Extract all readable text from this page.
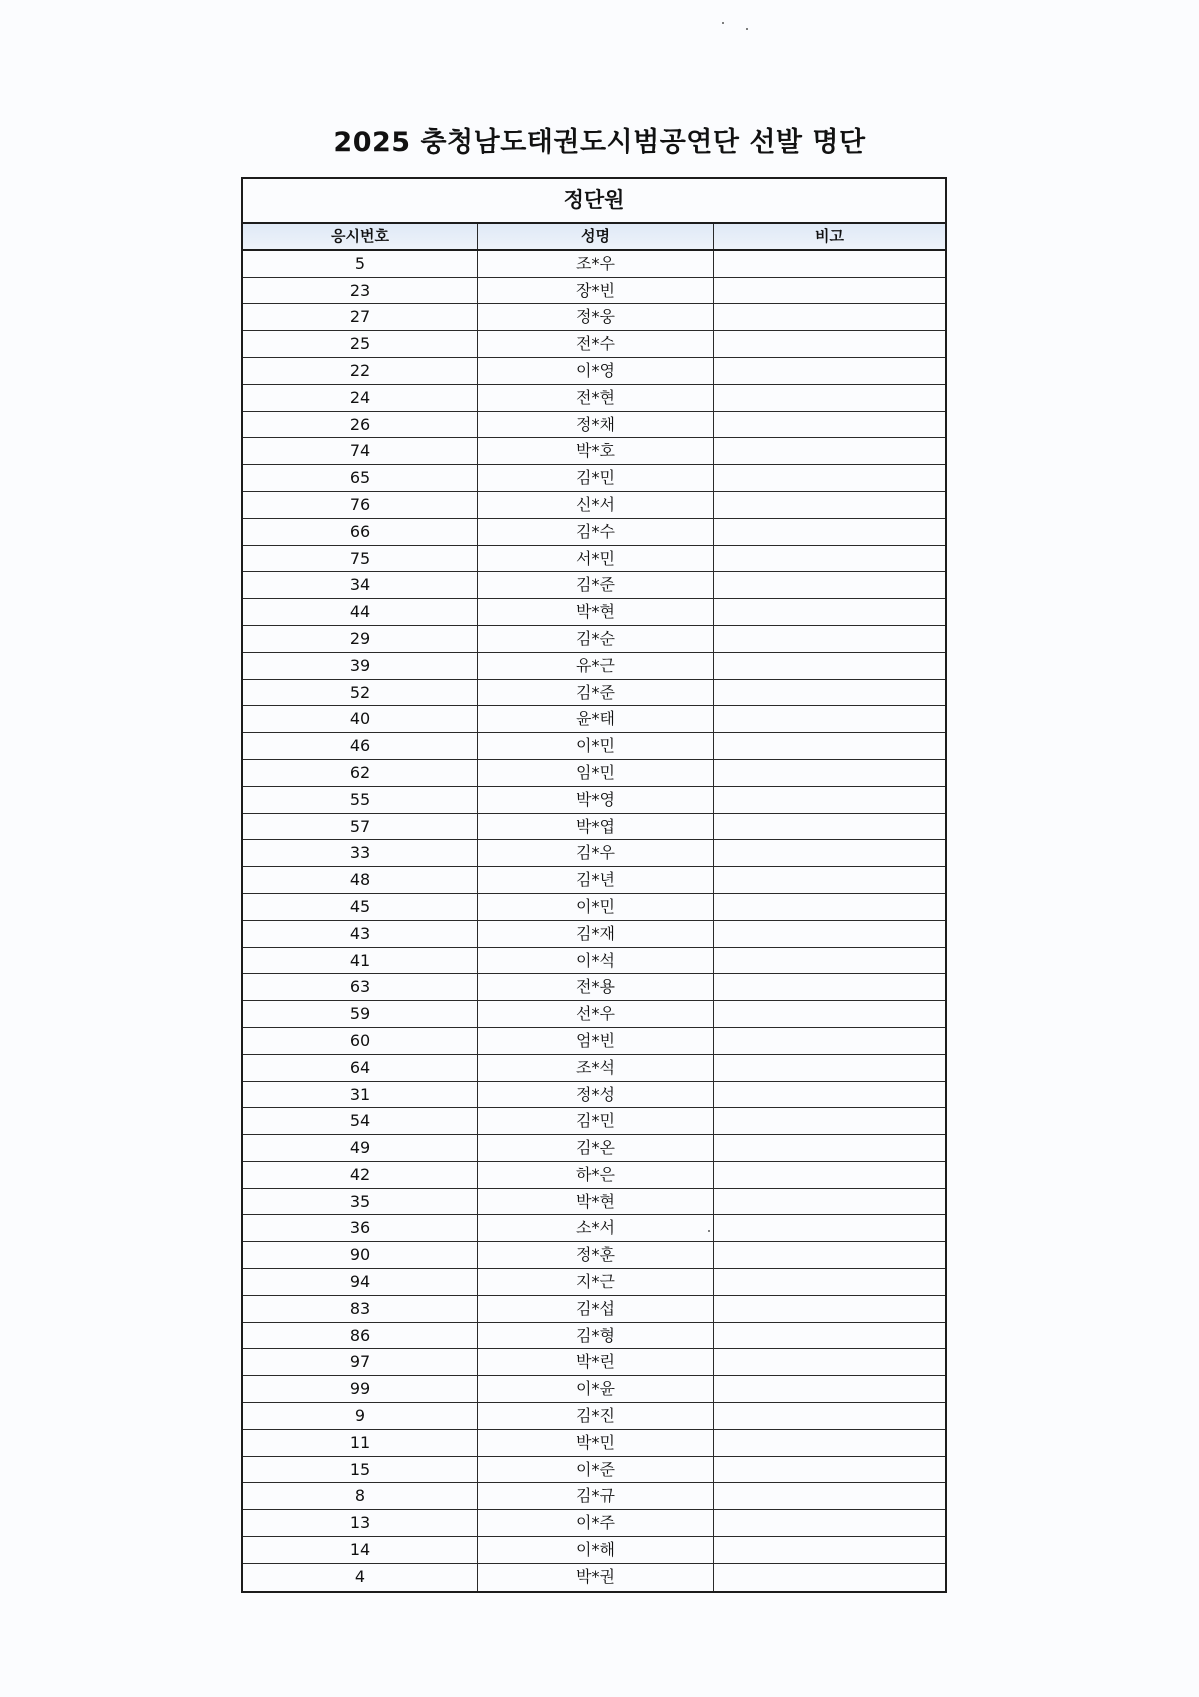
2025 충청남도태권도시범공연단 선발 명단
정단원
응시번호	성명	비고
5	조*우
23	장*빈
27	정*웅
25	전*수
22	이*영
24	전*현
26	정*채
74	박*호
65	김*민
76	신*서
66	김*수
75	서*민
34	김*준
44	박*현
29	김*순
39	유*근
52	김*준
40	윤*태
46	이*민
62	임*민
55	박*영
57	박*엽
33	김*우
48	김*년
45	이*민
43	김*재
41	이*석
63	전*용
59	선*우
60	엄*빈
64	조*석
31	정*성
54	김*민
49	김*온
42	하*은
35	박*현
36	소*서
90	정*훈
94	지*근
83	김*섭
86	김*형
97	박*린
99	이*윤
9	김*진
11	박*민
15	이*준
8	김*규
13	이*주
14	이*해
4	박*권
